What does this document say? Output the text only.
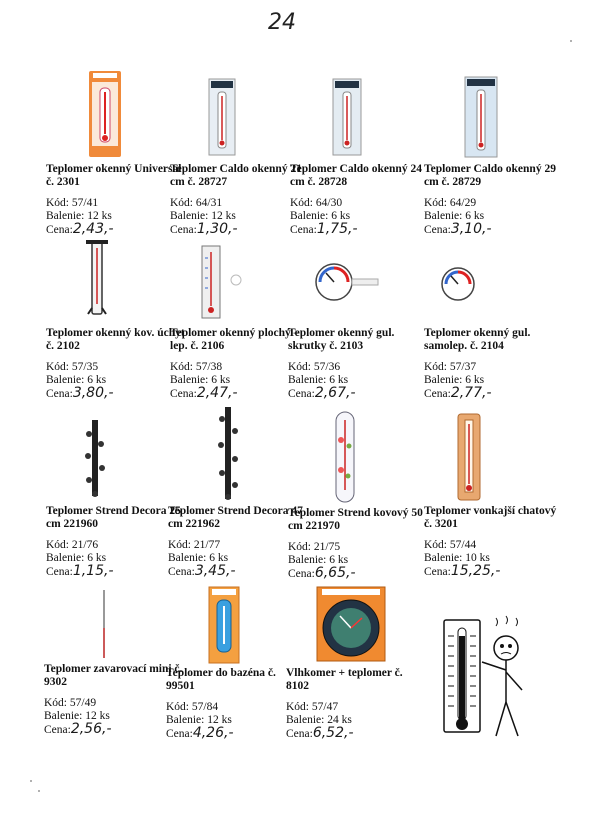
24

Teplomer okenný Universal č. 2301

Kód: 57/41

Balenie: 12 ks

Cena:2,43,-

Teplomer Caldo okenný 21 cm č. 28727

Kód: 64/31

Balenie: 12 ks

Cena:1,30,-

Teplomer Caldo okenný 24 cm č. 28728

Kód: 64/30

Balenie: 6 ks

Cena:1,75,-

Teplomer Caldo okenný 29 cm č. 28729

Kód: 64/29

Balenie: 6 ks

Cena:3,10,-

Teplomer okenný kov. úchyt č. 2102

Kód: 57/35

Balenie: 6 ks

Cena:3,80,-

Teplomer okenný plochý – lep. č. 2106

Kód: 57/38

Balenie: 6 ks

Cena:2,47,-

Teplomer okenný gul. skrutky č. 2103

Kód: 57/36

Balenie: 6 ks

Cena:2,67,-

Teplomer okenný gul. samolep. č. 2104

Kód: 57/37

Balenie: 6 ks

Cena:2,77,-

Teplomer Strend Decora 25 cm 221960

Kód: 21/76

Balenie: 6 ks

Cena:1,15,-

Teplomer Strend Decora 47 cm 221962

Kód: 21/77

Balenie: 6 ks

Cena:3,45,-

Teplomer Strend kovový 50 cm 221970

Kód: 21/75

Balenie: 6 ks

Cena:6,65,-

Teplomer vonkajší chatový č. 3201

Kód: 57/44

Balenie: 10 ks

Cena:15,25,-

Teplomer zavarovací mini č. 9302

Kód: 57/49

Balenie: 12 ks

Cena:2,56,-

Teplomer do bazéna č. 99501

Kód: 57/84

Balenie: 12 ks

Cena:4,26,-

Vlhkomer + teplomer č. 8102

Kód: 57/47

Balenie: 24 ks

Cena:6,52,-
